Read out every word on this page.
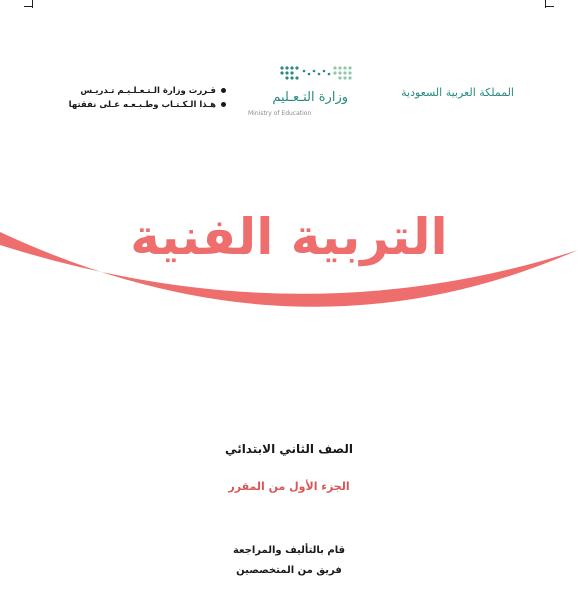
قـررت وزارة الـتـعـلـيـم تـدريـس
هـذا الـكـتـاب وطـبـعـه عـلى نفقتها	وزارة التـعـليم
Ministry of Education
المملكة العربية السعودية
التربية الفنية
الصف الثاني الابتدائي
الجزء الأول من المقرر
قام بالتأليف والمراجعة
فريق من المتخصصين
